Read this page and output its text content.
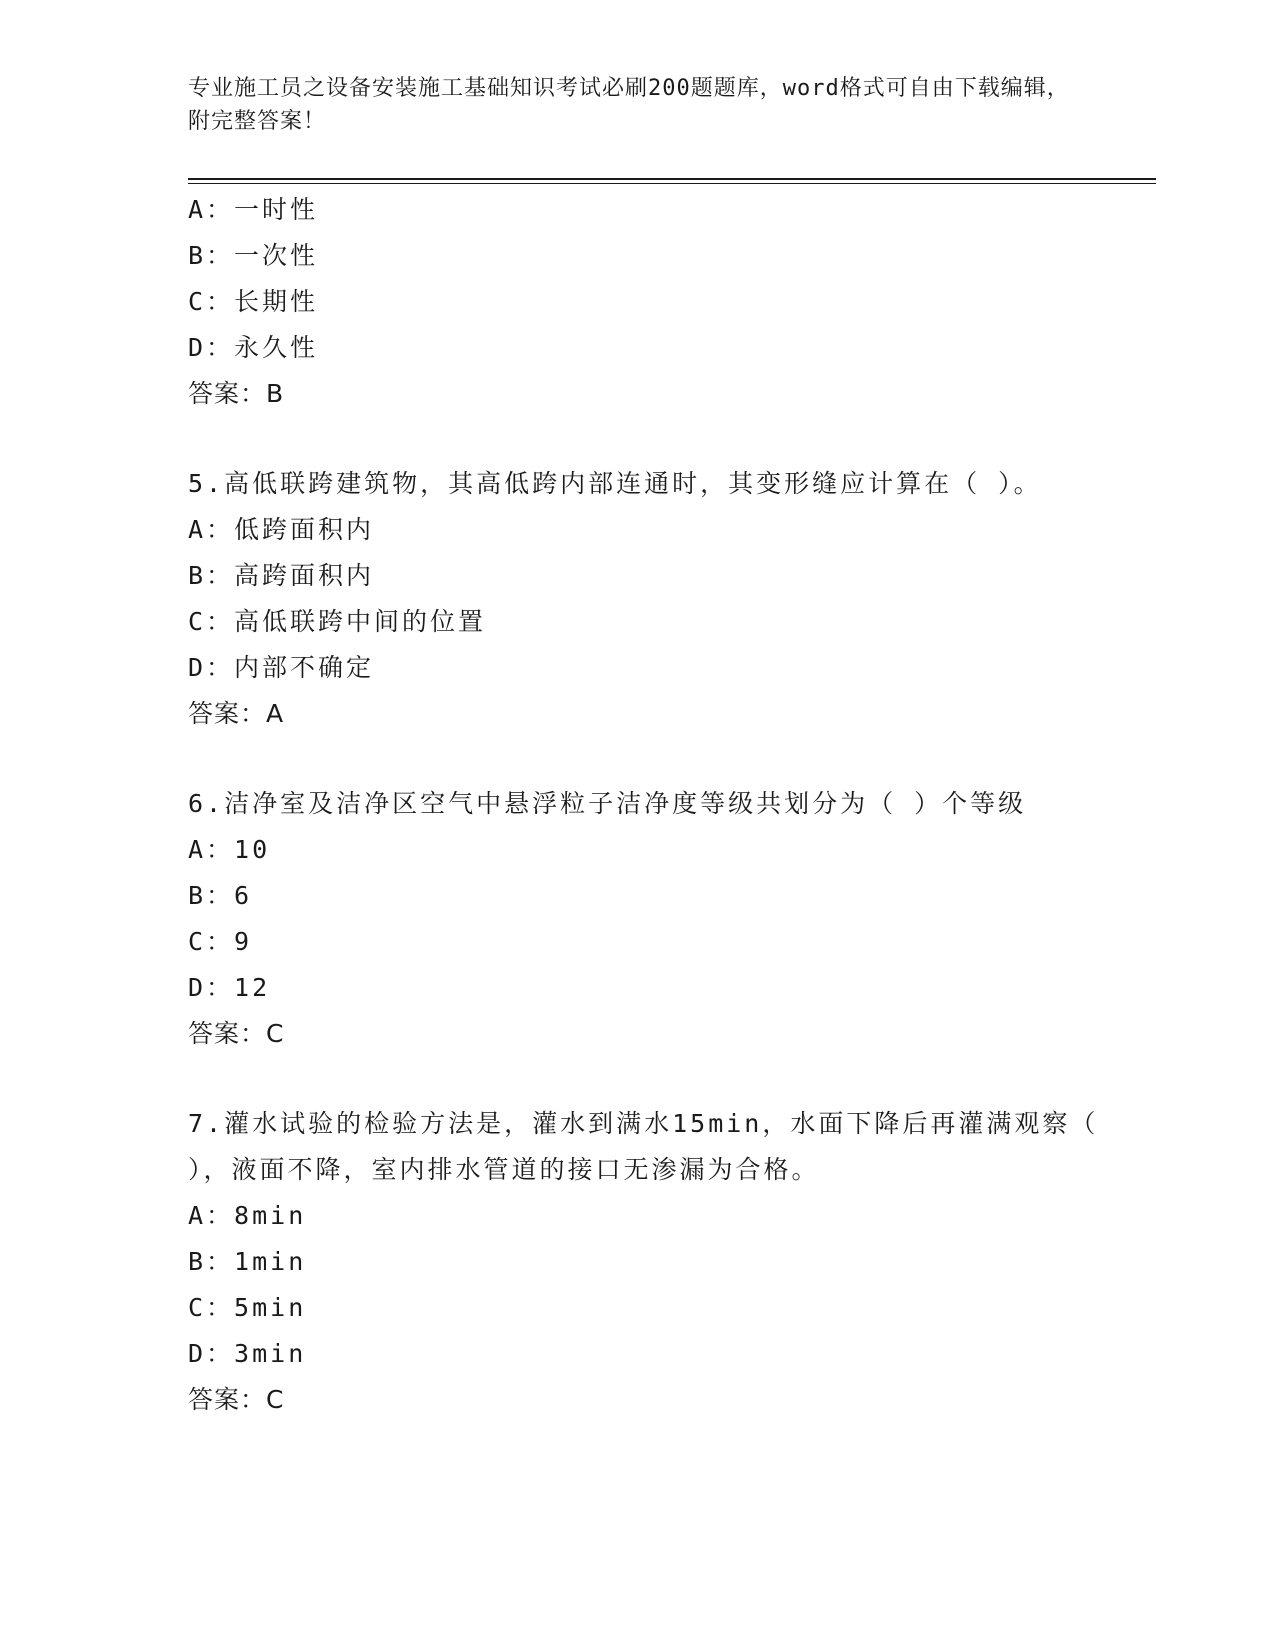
专业施工员之设备安装施工基础知识考试必刷200题题库，word格式可自由下载编辑，附完整答案！
A：一时性
B：一次性
C：长期性
D：永久性
答案：B
5.高低联跨建筑物，其高低跨内部连通时，其变形缝应计算在（ ）。
A：低跨面积内
B：高跨面积内
C：高低联跨中间的位置
D：内部不确定
答案：A
6.洁净室及洁净区空气中悬浮粒子洁净度等级共划分为（ ）个等级
A：10
B：6
C：9
D：12
答案：C
7.灌水试验的检验方法是，灌水到满水15min，水面下降后再灌满观察（ ），液面不降，室内排水管道的接口无渗漏为合格。
A：8min
B：1min
C：5min
D：3min
答案：C
